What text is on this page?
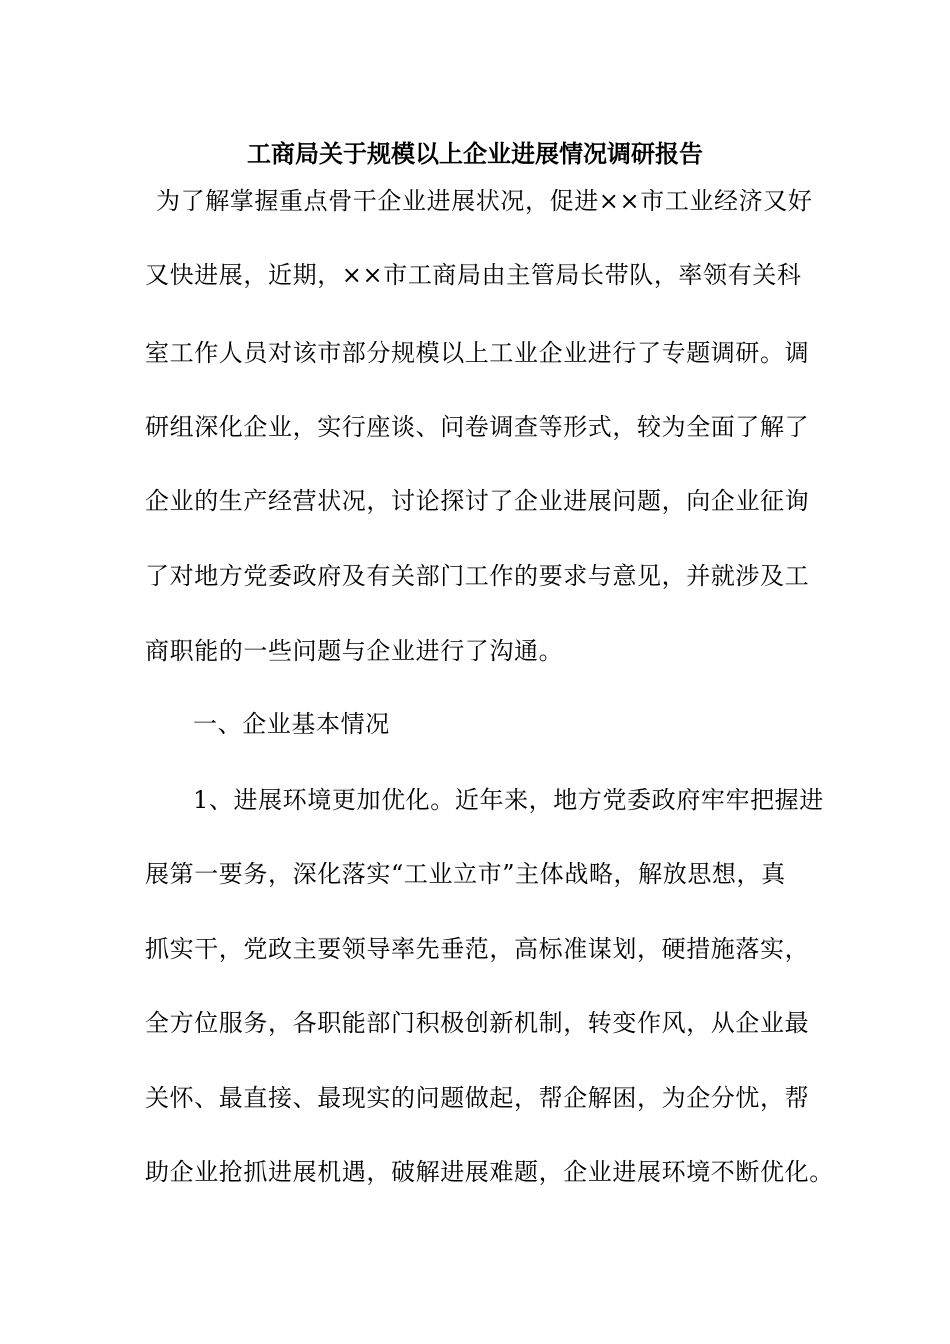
工商局关于规模以上企业进展情况调研报告
为了解掌握重点骨干企业进展状况，促进××市工业经济又好
又快进展，近期，××市工商局由主管局长带队，率领有关科
室工作人员对该市部分规模以上工业企业进行了专题调研。调
研组深化企业，实行座谈、问卷调查等形式，较为全面了解了
企业的生产经营状况，讨论探讨了企业进展问题，向企业征询
了对地方党委政府及有关部门工作的要求与意见，并就涉及工
商职能的一些问题与企业进行了沟通。
一、企业基本情况
1、进展环境更加优化。近年来，地方党委政府牢牢把握进
展第一要务，深化落实“工业立市”主体战略，解放思想，真
抓实干，党政主要领导率先垂范，高标准谋划，硬措施落实，
全方位服务，各职能部门积极创新机制，转变作风，从企业最
关怀、最直接、最现实的问题做起，帮企解困，为企分忧，帮
助企业抢抓进展机遇，破解进展难题，企业进展环境不断优化。
